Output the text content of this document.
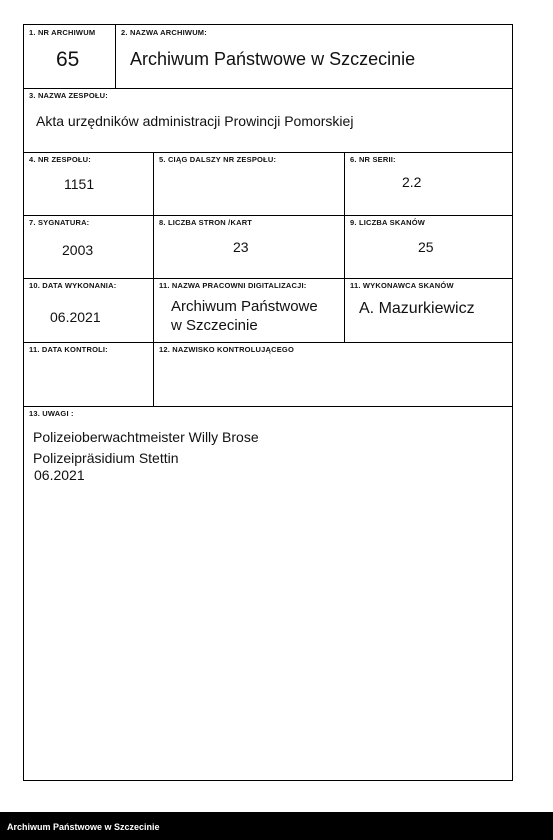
1. NR ARCHIWUM
65
2. NAZWA ARCHIWUM:
Archiwum Państwowe w Szczecinie
3. NAZWA ZESPOŁU:
Akta urzędników administracji Prowincji Pomorskiej
4. NR ZESPOŁU:
1151
5. CIĄG DALSZY NR ZESPOŁU:	6. NR SERII:
2.2
7. SYGNATURA:
2003
8. LICZBA STRON /KART
23
9. LICZBA SKANÓW
25
10. DATA WYKONANIA:
06.2021
11. NAZWA PRACOWNI DIGITALIZACJI:
Archiwum Państwowe
w Szczecinie
11. WYKONAWCA SKANÓW
A. Mazurkiewicz
11. DATA KONTROLI:	12. NAZWISKO KONTROLUJĄCEGO
13. UWAGI :
Polizeioberwachtmeister Willy Brose
Polizeipräsidium Stettin
06.2021
Archiwum Państwowe w Szczecinie
